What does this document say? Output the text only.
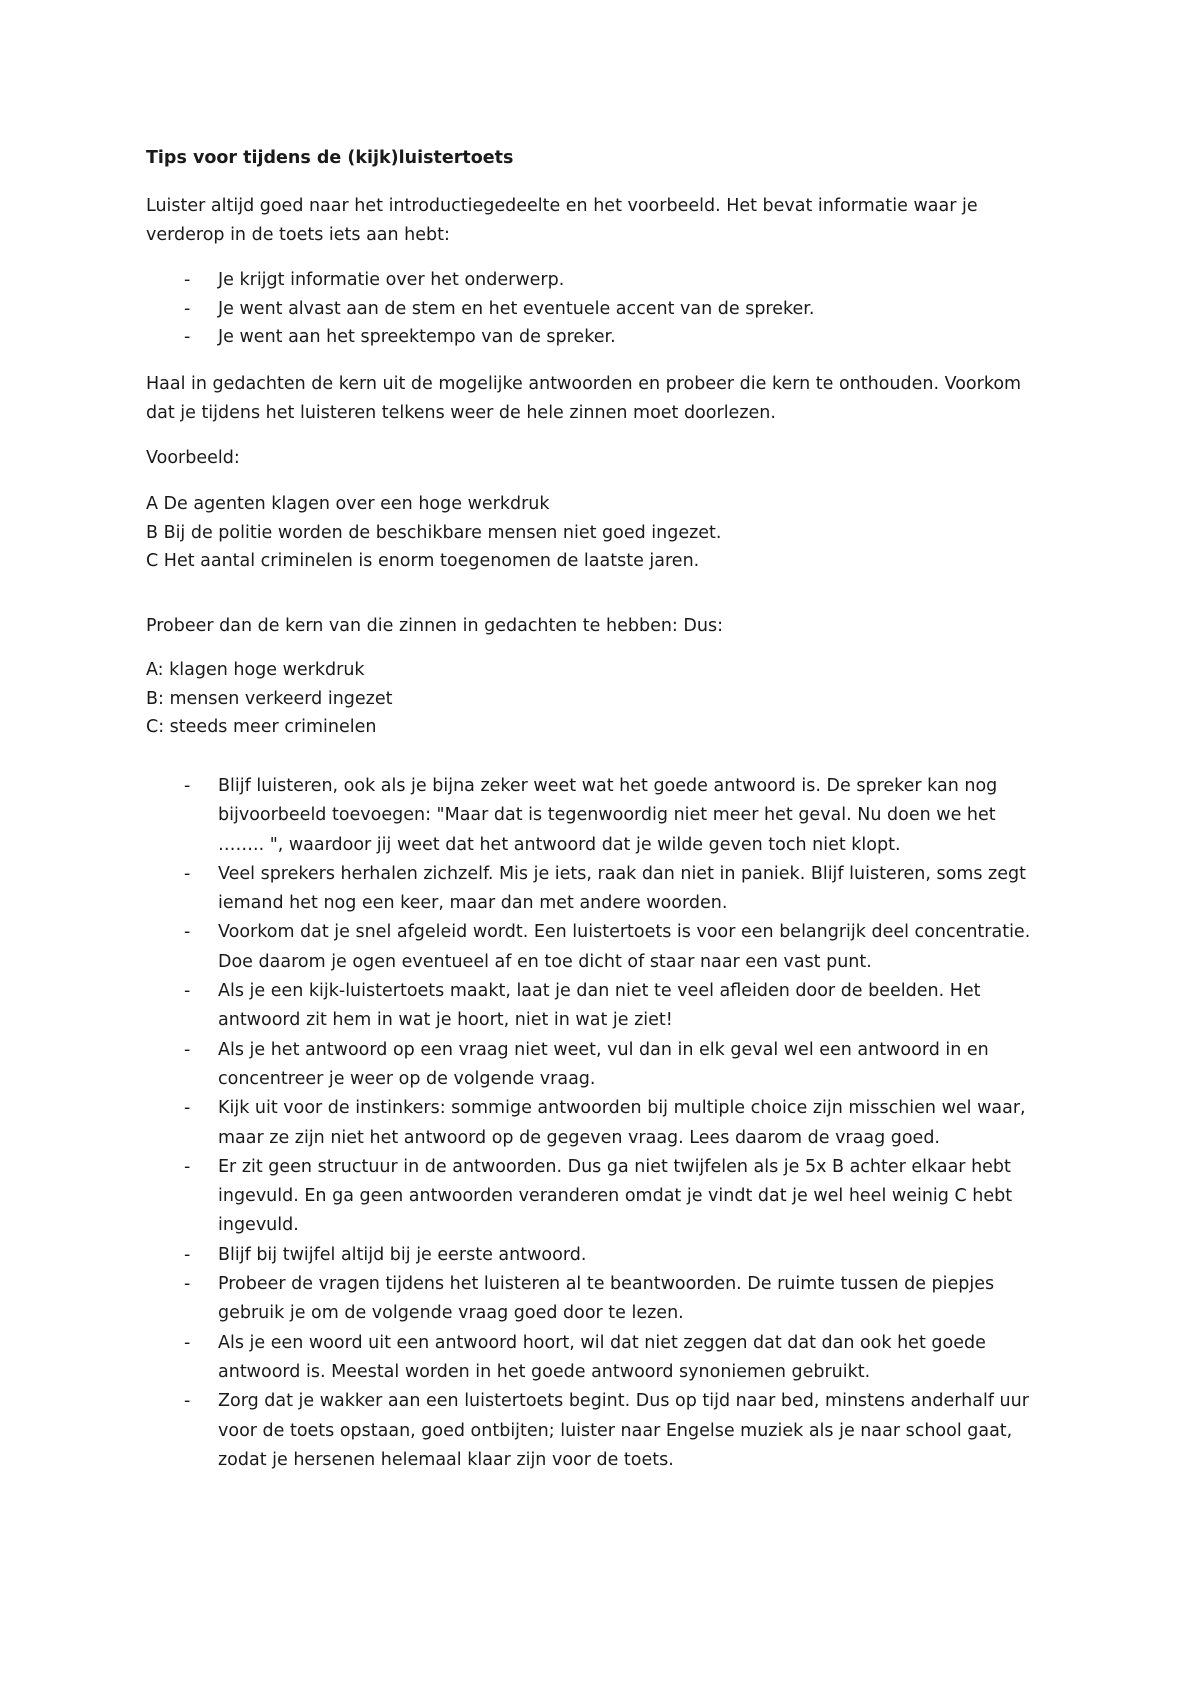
Tips voor tijdens de (kijk)luistertoets
Luister altijd goed naar het introductiegedeelte en het voorbeeld. Het bevat informatie waar je
verderop in de toets iets aan hebt:
- Je krijgt informatie over het onderwerp.
- Je went alvast aan de stem en het eventuele accent van de spreker.
- Je went aan het spreektempo van de spreker.
Haal in gedachten de kern uit de mogelijke antwoorden en probeer die kern te onthouden. Voorkom
dat je tijdens het luisteren telkens weer de hele zinnen moet doorlezen.
Voorbeeld:
A De agenten klagen over een hoge werkdruk
B Bij de politie worden de beschikbare mensen niet goed ingezet.
C Het aantal criminelen is enorm toegenomen de laatste jaren.
Probeer dan de kern van die zinnen in gedachten te hebben: Dus:
A: klagen hoge werkdruk
B: mensen verkeerd ingezet
C: steeds meer criminelen
- Blijf luisteren, ook als je bijna zeker weet wat het goede antwoord is. De spreker kan nog
bijvoorbeeld toevoegen: "Maar dat is tegenwoordig niet meer het geval. Nu doen we het
…….. ", waardoor jij weet dat het antwoord dat je wilde geven toch niet klopt.
- Veel sprekers herhalen zichzelf. Mis je iets, raak dan niet in paniek. Blijf luisteren, soms zegt
iemand het nog een keer, maar dan met andere woorden.
- Voorkom dat je snel afgeleid wordt. Een luistertoets is voor een belangrijk deel concentratie.
Doe daarom je ogen eventueel af en toe dicht of staar naar een vast punt.
- Als je een kijk-luistertoets maakt, laat je dan niet te veel afleiden door de beelden. Het
antwoord zit hem in wat je hoort, niet in wat je ziet!
- Als je het antwoord op een vraag niet weet, vul dan in elk geval wel een antwoord in en
concentreer je weer op de volgende vraag.
- Kijk uit voor de instinkers: sommige antwoorden bij multiple choice zijn misschien wel waar,
maar ze zijn niet het antwoord op de gegeven vraag. Lees daarom de vraag goed.
- Er zit geen structuur in de antwoorden. Dus ga niet twijfelen als je 5x B achter elkaar hebt
ingevuld. En ga geen antwoorden veranderen omdat je vindt dat je wel heel weinig C hebt
ingevuld.
- Blijf bij twijfel altijd bij je eerste antwoord.
- Probeer de vragen tijdens het luisteren al te beantwoorden. De ruimte tussen de piepjes
gebruik je om de volgende vraag goed door te lezen.
- Als je een woord uit een antwoord hoort, wil dat niet zeggen dat dat dan ook het goede
antwoord is. Meestal worden in het goede antwoord synoniemen gebruikt.
- Zorg dat je wakker aan een luistertoets begint. Dus op tijd naar bed, minstens anderhalf uur
voor de toets opstaan, goed ontbijten; luister naar Engelse muziek als je naar school gaat,
zodat je hersenen helemaal klaar zijn voor de toets.
